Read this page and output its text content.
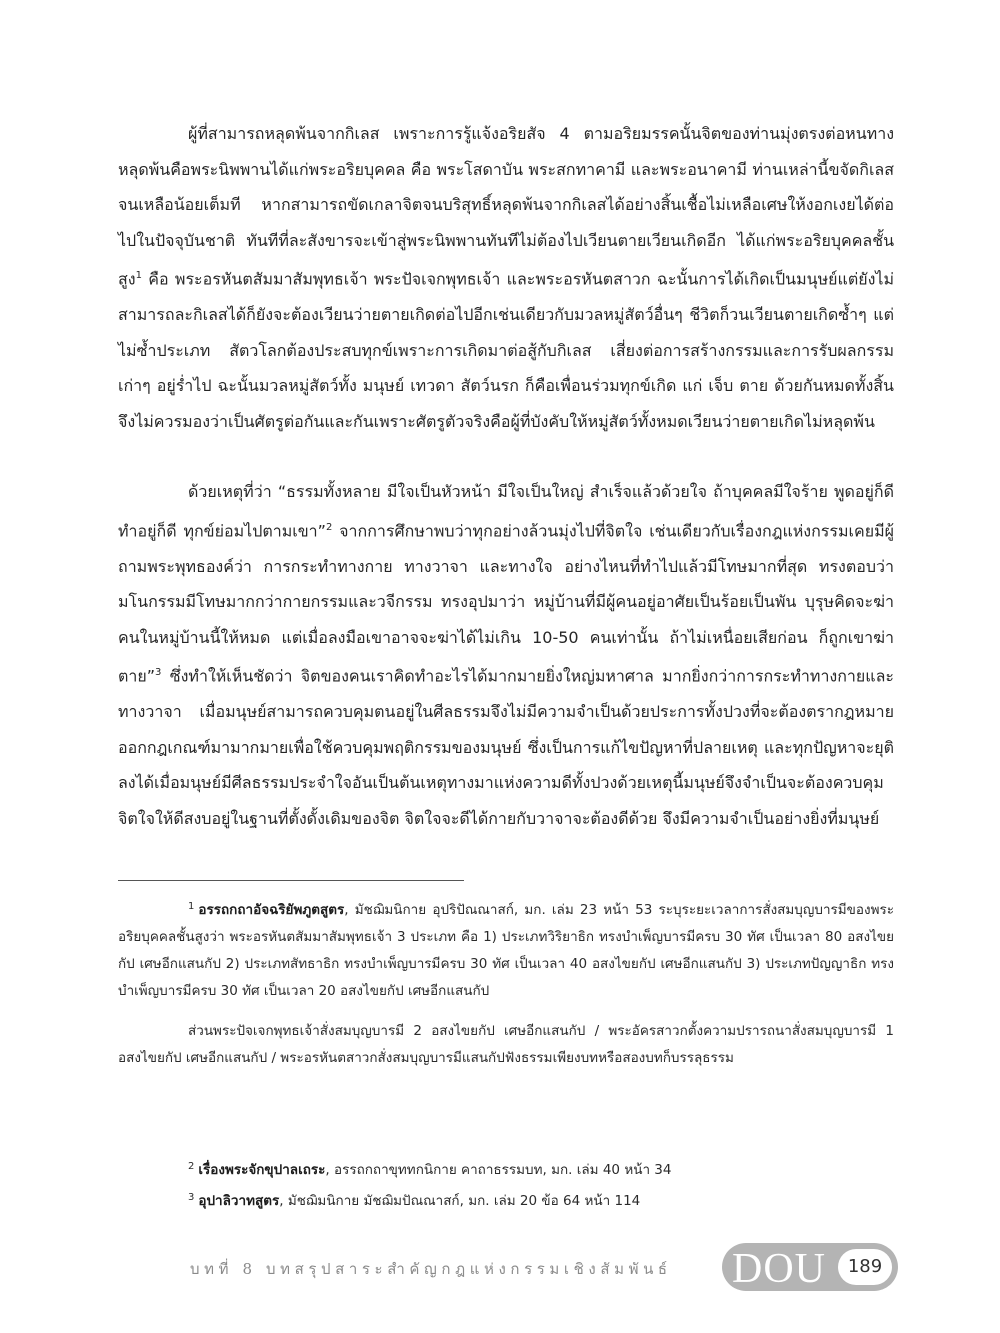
ผู้ที่สามารถหลุดพ้นจากกิเลส เพราะการรู้แจ้งอริยสัจ 4 ตามอริยมรรคนั้นจิตของท่านมุ่งตรงต่อหนทางหลุดพ้นคือพระนิพพานได้แก่พระอริยบุคคล คือ พระโสดาบัน พระสกทาคามี และพระอนาคามี ท่านเหล่านี้ขจัดกิเลสจนเหลือน้อยเต็มที หากสามารถขัดเกลาจิตจนบริสุทธิ์หลุดพ้นจากกิเลสได้อย่างสิ้นเชื้อไม่เหลือเศษให้งอกเงยได้ต่อไปในปัจจุบันชาติ ทันทีที่ละสังขารจะเข้าสู่พระนิพพานทันทีไม่ต้องไปเวียนตายเวียนเกิดอีก ได้แก่พระอริยบุคคลชั้นสูง$^1$ คือ พระอรหันตสัมมาสัมพุทธเจ้า พระปัจเจกพุทธเจ้า และพระอรหันตสาวก ฉะนั้นการได้เกิดเป็นมนุษย์แต่ยังไม่สามารถละกิเลสได้ก็ยังจะต้องเวียนว่ายตายเกิดต่อไปอีกเช่นเดียวกับมวลหมู่สัตว์อื่นๆ ชีวิตก็วนเวียนตายเกิดซ้ำๆ แต่ไม่ซ้ำประเภท สัตวโลกต้องประสบทุกข์เพราะการเกิดมาต่อสู้กับกิเลส เสี่ยงต่อการสร้างกรรมและการรับผลกรรมเก่าๆ อยู่ร่ำไป ฉะนั้นมวลหมู่สัตว์ทั้ง มนุษย์ เทวดา สัตว์นรก ก็คือเพื่อนร่วมทุกข์เกิด แก่ เจ็บ ตาย ด้วยกันหมดทั้งสิ้น จึงไม่ควรมองว่าเป็นศัตรูต่อกันและกันเพราะศัตรูตัวจริงคือผู้ที่บังคับให้หมู่สัตว์ทั้งหมดเวียนว่ายตายเกิดไม่หลุดพ้น

ด้วยเหตุที่ว่า “ธรรมทั้งหลาย มีใจเป็นหัวหน้า มีใจเป็นใหญ่ สำเร็จแล้วด้วยใจ ถ้าบุคคลมีใจร้าย พูดอยู่ก็ดี ทำอยู่ก็ดี ทุกข์ย่อมไปตามเขา”$^2$ จากการศึกษาพบว่าทุกอย่างล้วนมุ่งไปที่จิตใจ เช่นเดียวกับเรื่องกฎแห่งกรรมเคยมีผู้ถามพระพุทธองค์ว่า การกระทำทางกาย ทางวาจา และทางใจ อย่างไหนที่ทำไปแล้วมีโทษมากที่สุด ทรงตอบว่า มโนกรรมมีโทษมากกว่ากายกรรมและวจีกรรม ทรงอุปมาว่า หมู่บ้านที่มีผู้คนอยู่อาศัยเป็นร้อยเป็นพัน บุรุษคิดจะฆ่าคนในหมู่บ้านนี้ให้หมด แต่เมื่อลงมือเขาอาจจะฆ่าได้ไม่เกิน 10-50 คนเท่านั้น ถ้าไม่เหนื่อยเสียก่อน ก็ถูกเขาฆ่าตาย”$^3$ ซึ่งทำให้เห็นชัดว่า จิตของคนเราคิดทำอะไรได้มากมายยิ่งใหญ่มหาศาล มากยิ่งกว่าการกระทำทางกายและทางวาจา เมื่อมนุษย์สามารถควบคุมตนอยู่ในศีลธรรมจึงไม่มีความจำเป็นด้วยประการทั้งปวงที่จะต้องตรากฎหมายออกกฎเกณฑ์มามากมายเพื่อใช้ควบคุมพฤติกรรมของมนุษย์ ซึ่งเป็นการแก้ไขปัญหาที่ปลายเหตุ และทุกปัญหาจะยุติลงได้เมื่อมนุษย์มีศีลธรรมประจำใจอันเป็นต้นเหตุทางมาแห่งความดีทั้งปวงด้วยเหตุนี้มนุษย์จึงจำเป็นจะต้องควบคุมจิตใจให้ดีสงบอยู่ในฐานที่ตั้งดั้งเดิมของจิต จิตใจจะดีได้กายกับวาจาจะต้องดีด้วย จึงมีความจำเป็นอย่างยิ่งที่มนุษย์

$^1$ อรรถกถาอัจฉริยัพภูตสูตร, มัชฌิมนิกาย อุปริปัณณาสก์, มก. เล่ม 23 หน้า 53 ระบุระยะเวลาการสั่งสมบุญบารมีของพระอริยบุคคลชั้นสูงว่า พระอรหันตสัมมาสัมพุทธเจ้า 3 ประเภท คือ 1) ประเภทวิริยาธิก ทรงบำเพ็ญบารมีครบ 30 ทัศ เป็นเวลา 80 อสงไขยกัป เศษอีกแสนกัป 2) ประเภทสัทธาธิก ทรงบำเพ็ญบารมีครบ 30 ทัศ เป็นเวลา 40 อสงไขยกัป เศษอีกแสนกัป 3) ประเภทปัญญาธิก ทรงบำเพ็ญบารมีครบ 30 ทัศ เป็นเวลา 20 อสงไขยกัป เศษอีกแสนกัป

ส่วนพระปัจเจกพุทธเจ้าสั่งสมบุญบารมี 2 อสงไขยกัป เศษอีกแสนกัป / พระอัครสาวกตั้งความปรารถนาสั่งสมบุญบารมี 1 อสงไขยกัป เศษอีกแสนกัป / พระอรหันตสาวกสั่งสมบุญบารมีแสนกัปฟังธรรมเพียงบทหรือสองบทก็บรรลุธรรม

$^2$ เรื่องพระจักขุปาลเถระ, อรรถกถาขุททกนิกาย คาถาธรรมบท, มก. เล่ม 40 หน้า 34

$^3$ อุปาลิวาทสูตร, มัชฌิมนิกาย มัชฌิมปัณณาสก์, มก. เล่ม 20 ข้อ 64 หน้า 114

บทที่ 8 บทสรุปสาระสำคัญกฎแห่งกรรมเชิงสัมพันธ์ DOU	189
